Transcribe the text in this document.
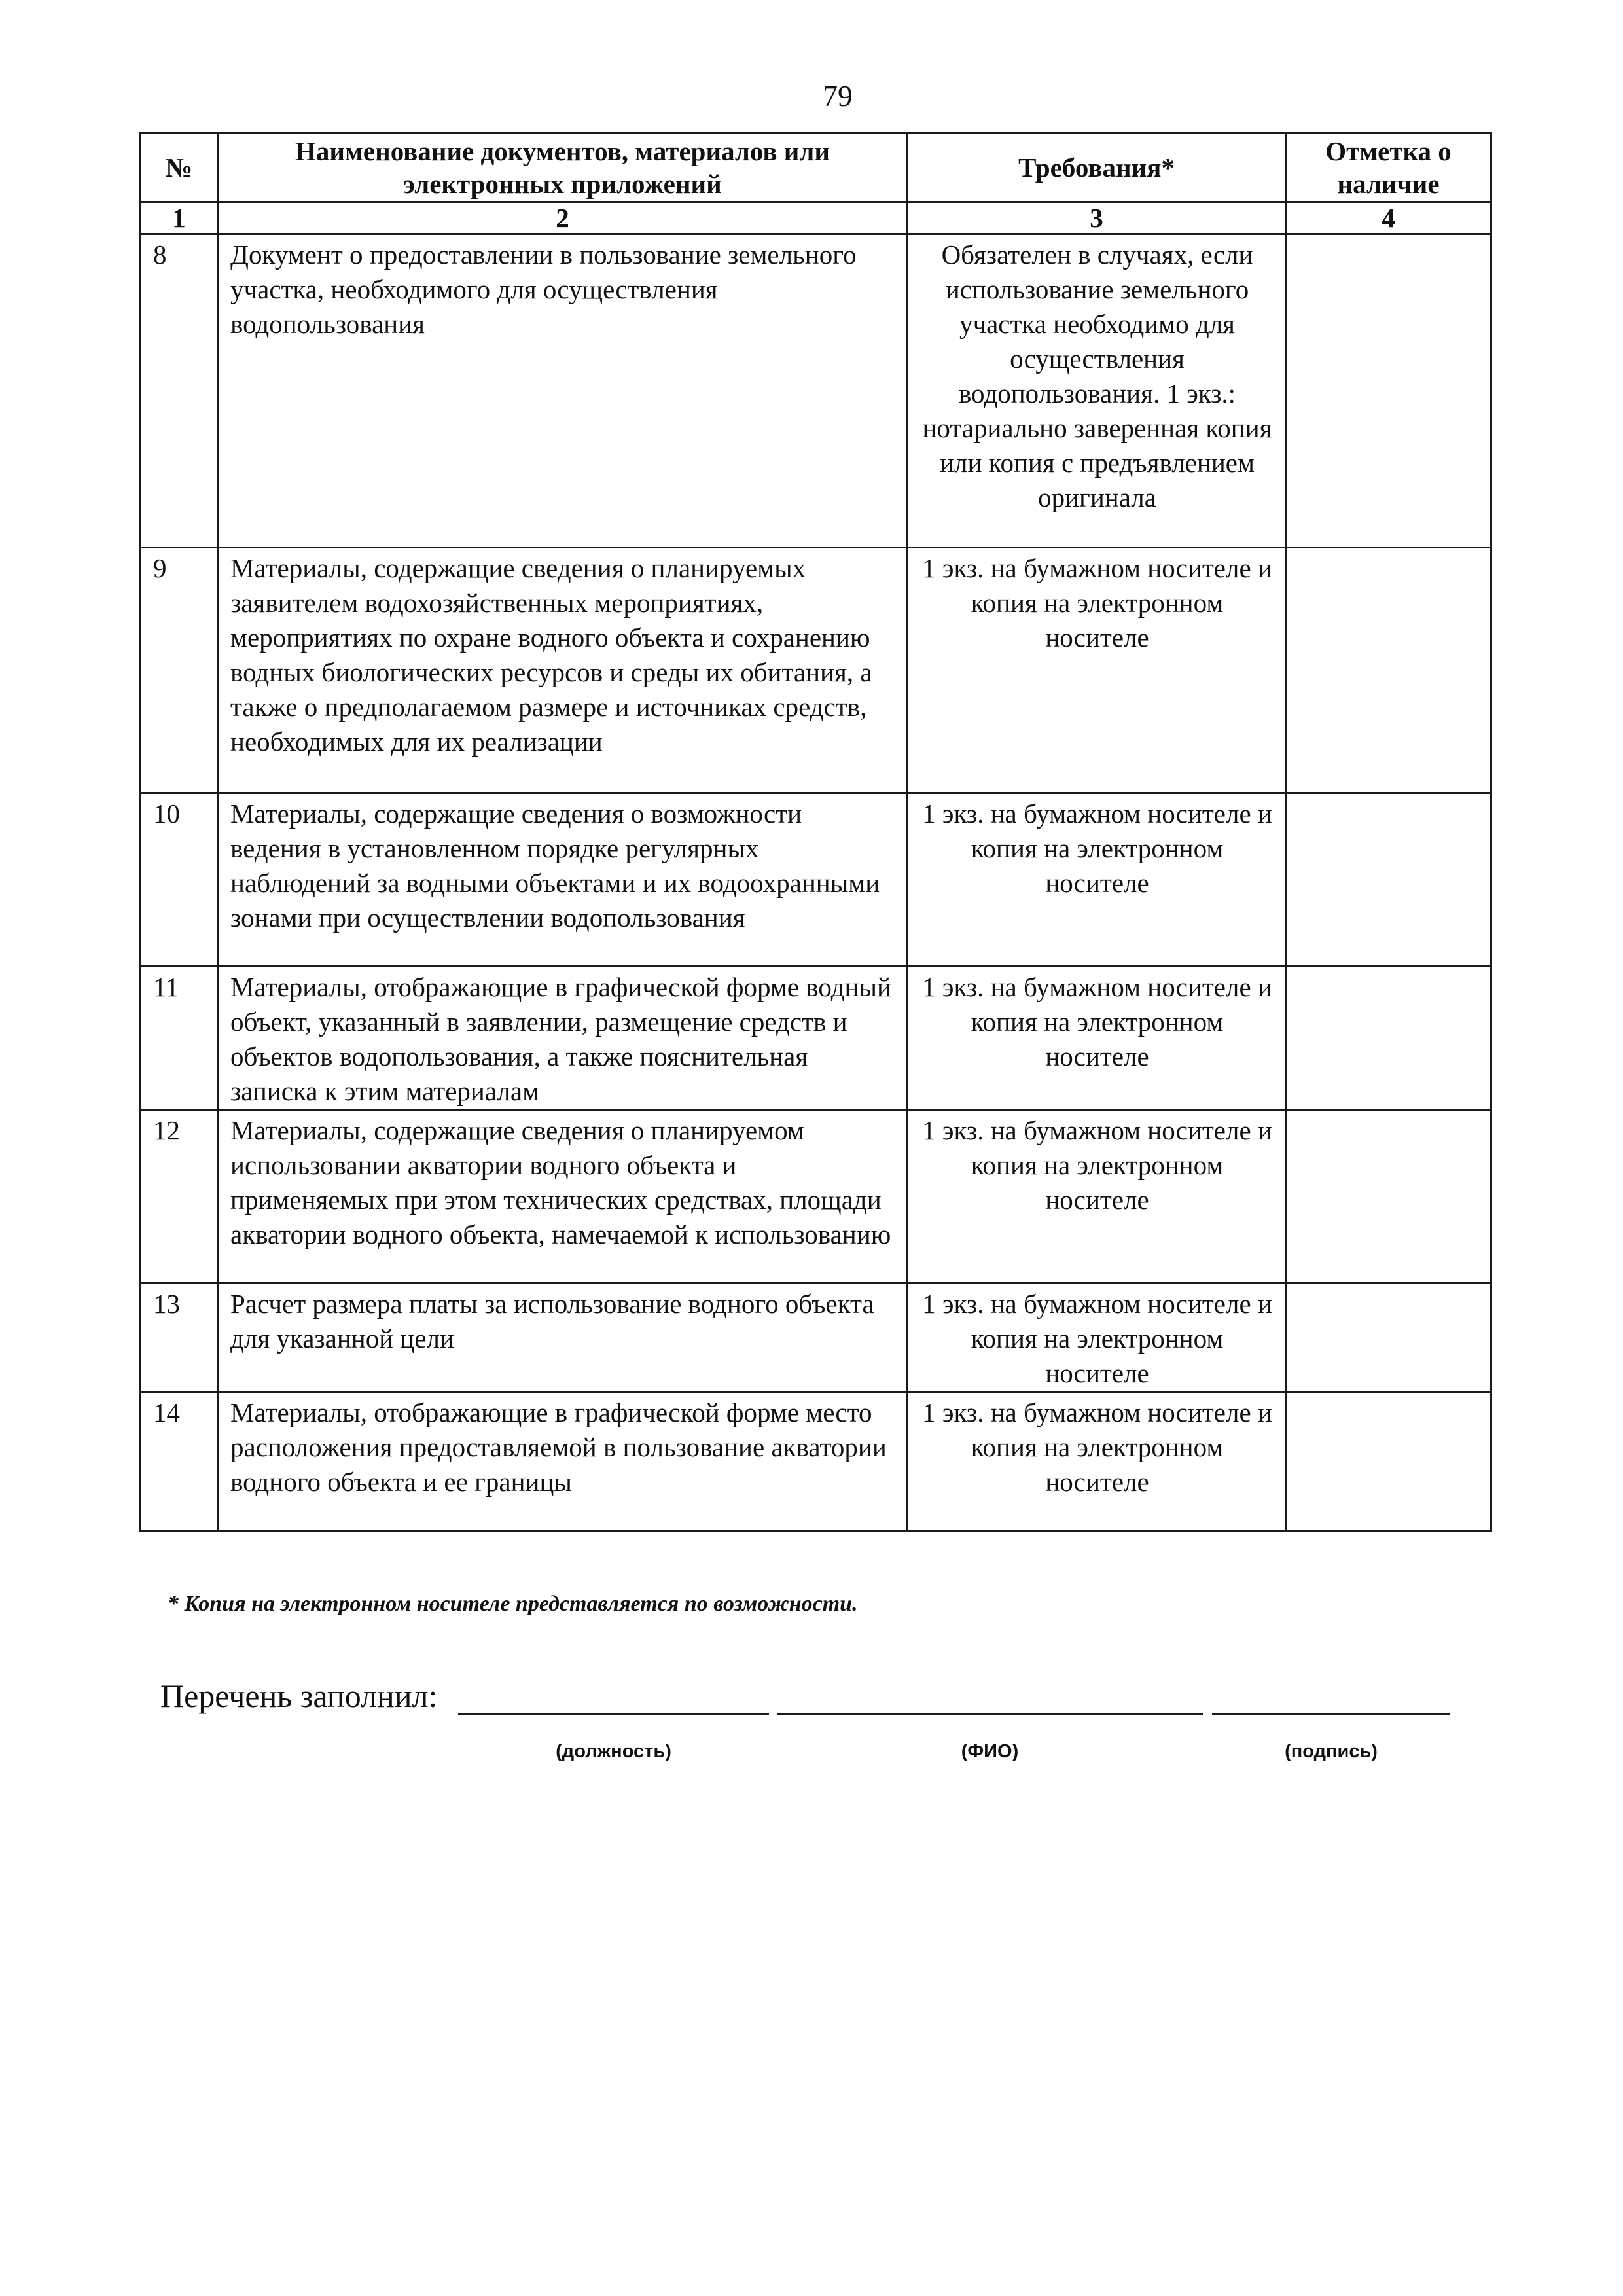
79
№	Наименование документов, материалов или электронных приложений	Требования*	Отметка о наличие
1	2	3	4
8	Документ о предоставлении в пользование земельного участка, необходимого для осуществления водопользования	Обязателен в случаях, если использование земельного участка необходимо для осуществления водопользования. 1 экз.: нотариально заверенная копия или копия с предъявлением оригинала	
9	Материалы, содержащие сведения о планируемых заявителем водохозяйственных мероприятиях, мероприятиях по охране водного объекта и сохранению водных биологических ресурсов и среды их обитания, а также о предполагаемом размере и источниках средств, необходимых для их реализации	1 экз. на бумажном носителе и копия на электронном носителе	
10	Материалы, содержащие сведения о возможности ведения в установленном порядке регулярных наблюдений за водными объектами и их водоохранными зонами при осуществлении водопользования	1 экз. на бумажном носителе и копия на электронном носителе	
11	Материалы, отображающие в графической форме водный объект, указанный в заявлении, размещение средств и объектов водопользования, а также пояснительная записка к этим материалам	1 экз. на бумажном носителе и копия на электронном носителе	
12	Материалы, содержащие сведения о планируемом использовании акватории водного объекта и применяемых при этом технических средствах, площади акватории водного объекта, намечаемой к использованию	1 экз. на бумажном носителе и копия на электронном носителе	
13	Расчет размера платы за использование водного объекта для указанной цели	1 экз. на бумажном носителе и копия на электронном носителе	
14	Материалы, отображающие в графической форме место расположения предоставляемой в пользование акватории водного объекта и ее границы	1 экз. на бумажном носителе и копия на электронном носителе	
* Копия на электронном носителе представляется по возможности.
Перечень заполнил:
(должность)	(ФИО)	(подпись)
